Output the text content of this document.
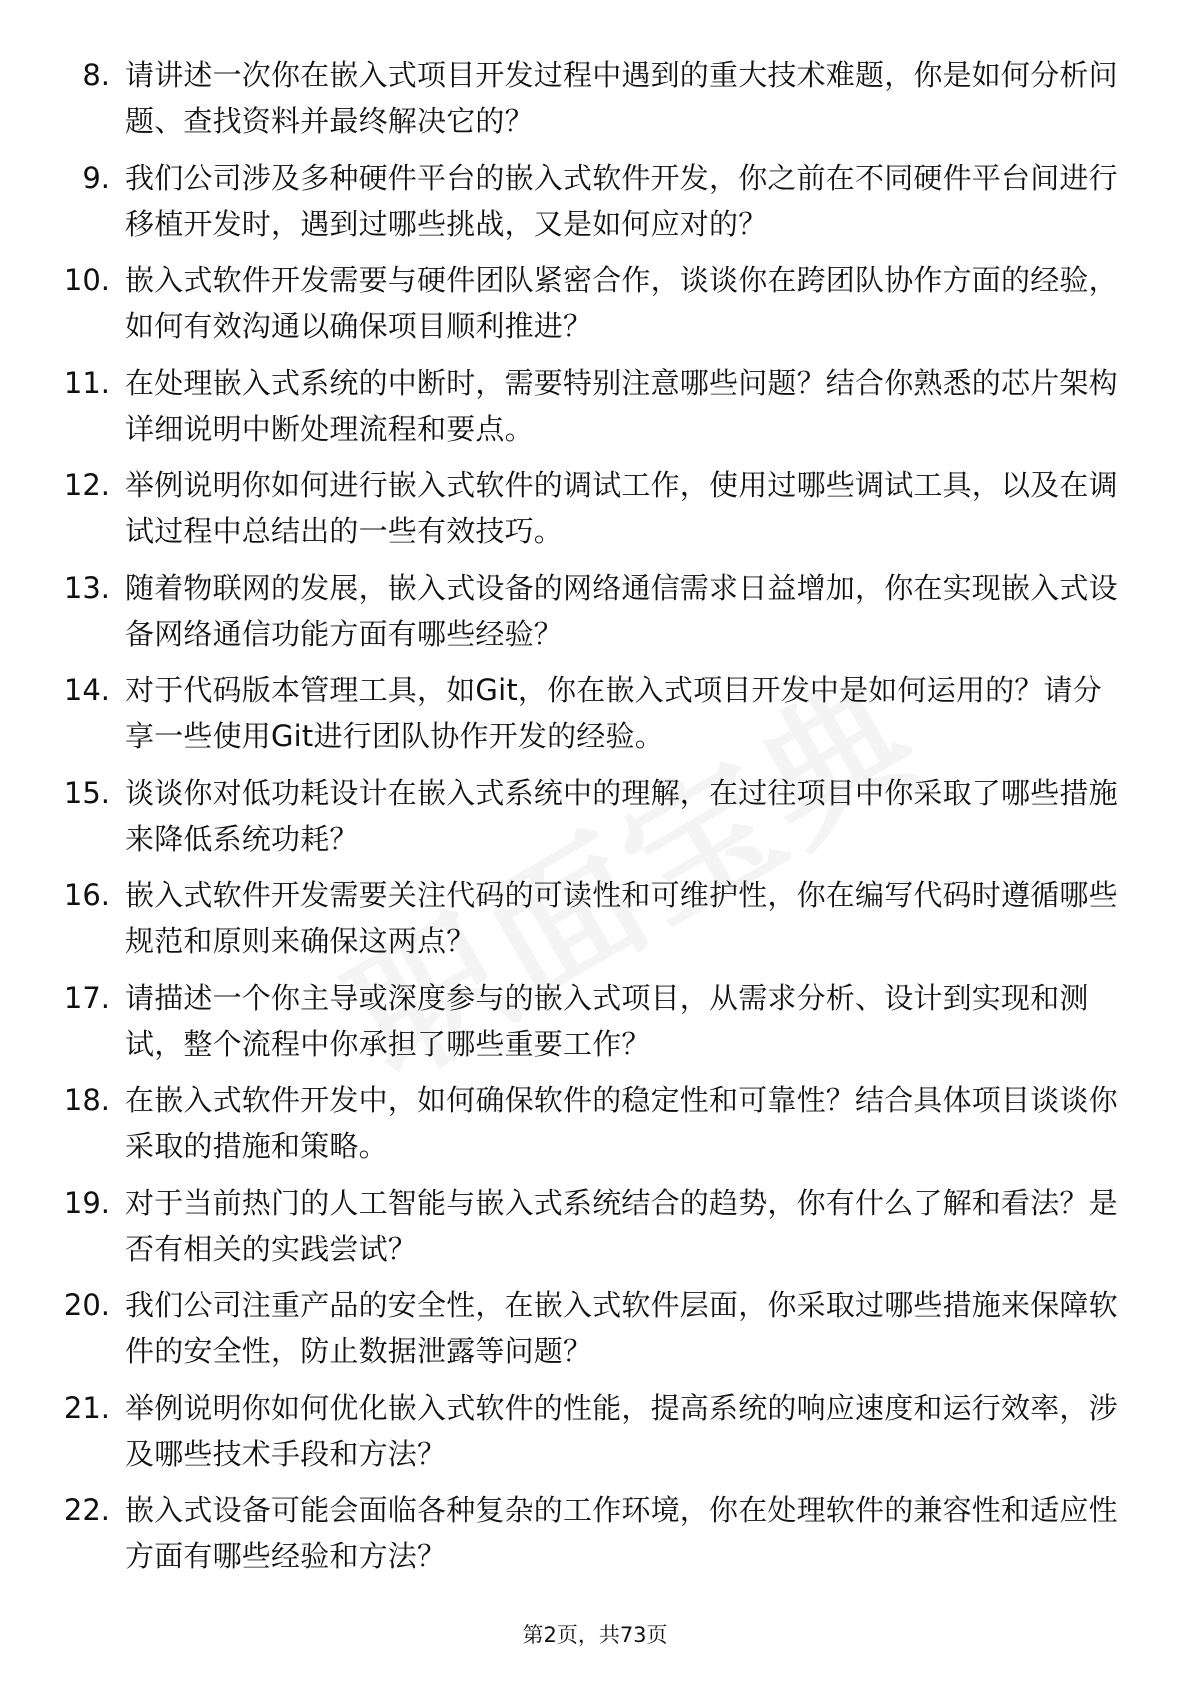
8. 请讲述一次你在嵌入式项目开发过程中遇到的重大技术难题，你是如何分析问题、查找资料并最终解决它的？
9. 我们公司涉及多种硬件平台的嵌入式软件开发，你之前在不同硬件平台间进行移植开发时，遇到过哪些挑战，又是如何应对的？
10. 嵌入式软件开发需要与硬件团队紧密合作，谈谈你在跨团队协作方面的经验，如何有效沟通以确保项目顺利推进？
11. 在处理嵌入式系统的中断时，需要特别注意哪些问题？结合你熟悉的芯片架构详细说明中断处理流程和要点。
12. 举例说明你如何进行嵌入式软件的调试工作，使用过哪些调试工具，以及在调试过程中总结出的一些有效技巧。
13. 随着物联网的发展，嵌入式设备的网络通信需求日益增加，你在实现嵌入式设备网络通信功能方面有哪些经验？
14. 对于代码版本管理工具，如Git，你在嵌入式项目开发中是如何运用的？请分享一些使用Git进行团队协作开发的经验。
15. 谈谈你对低功耗设计在嵌入式系统中的理解，在过往项目中你采取了哪些措施来降低系统功耗？
16. 嵌入式软件开发需要关注代码的可读性和可维护性，你在编写代码时遵循哪些规范和原则来确保这两点？
17. 请描述一个你主导或深度参与的嵌入式项目，从需求分析、设计到实现和测试，整个流程中你承担了哪些重要工作？
18. 在嵌入式软件开发中，如何确保软件的稳定性和可靠性？结合具体项目谈谈你采取的措施和策略。
19. 对于当前热门的人工智能与嵌入式系统结合的趋势，你有什么了解和看法？是否有相关的实践尝试？
20. 我们公司注重产品的安全性，在嵌入式软件层面，你采取过哪些措施来保障软件的安全性，防止数据泄露等问题？
21. 举例说明你如何优化嵌入式软件的性能，提高系统的响应速度和运行效率，涉及哪些技术手段和方法？
22. 嵌入式设备可能会面临各种复杂的工作环境，你在处理软件的兼容性和适应性方面有哪些经验和方法？
第2页，共73页
